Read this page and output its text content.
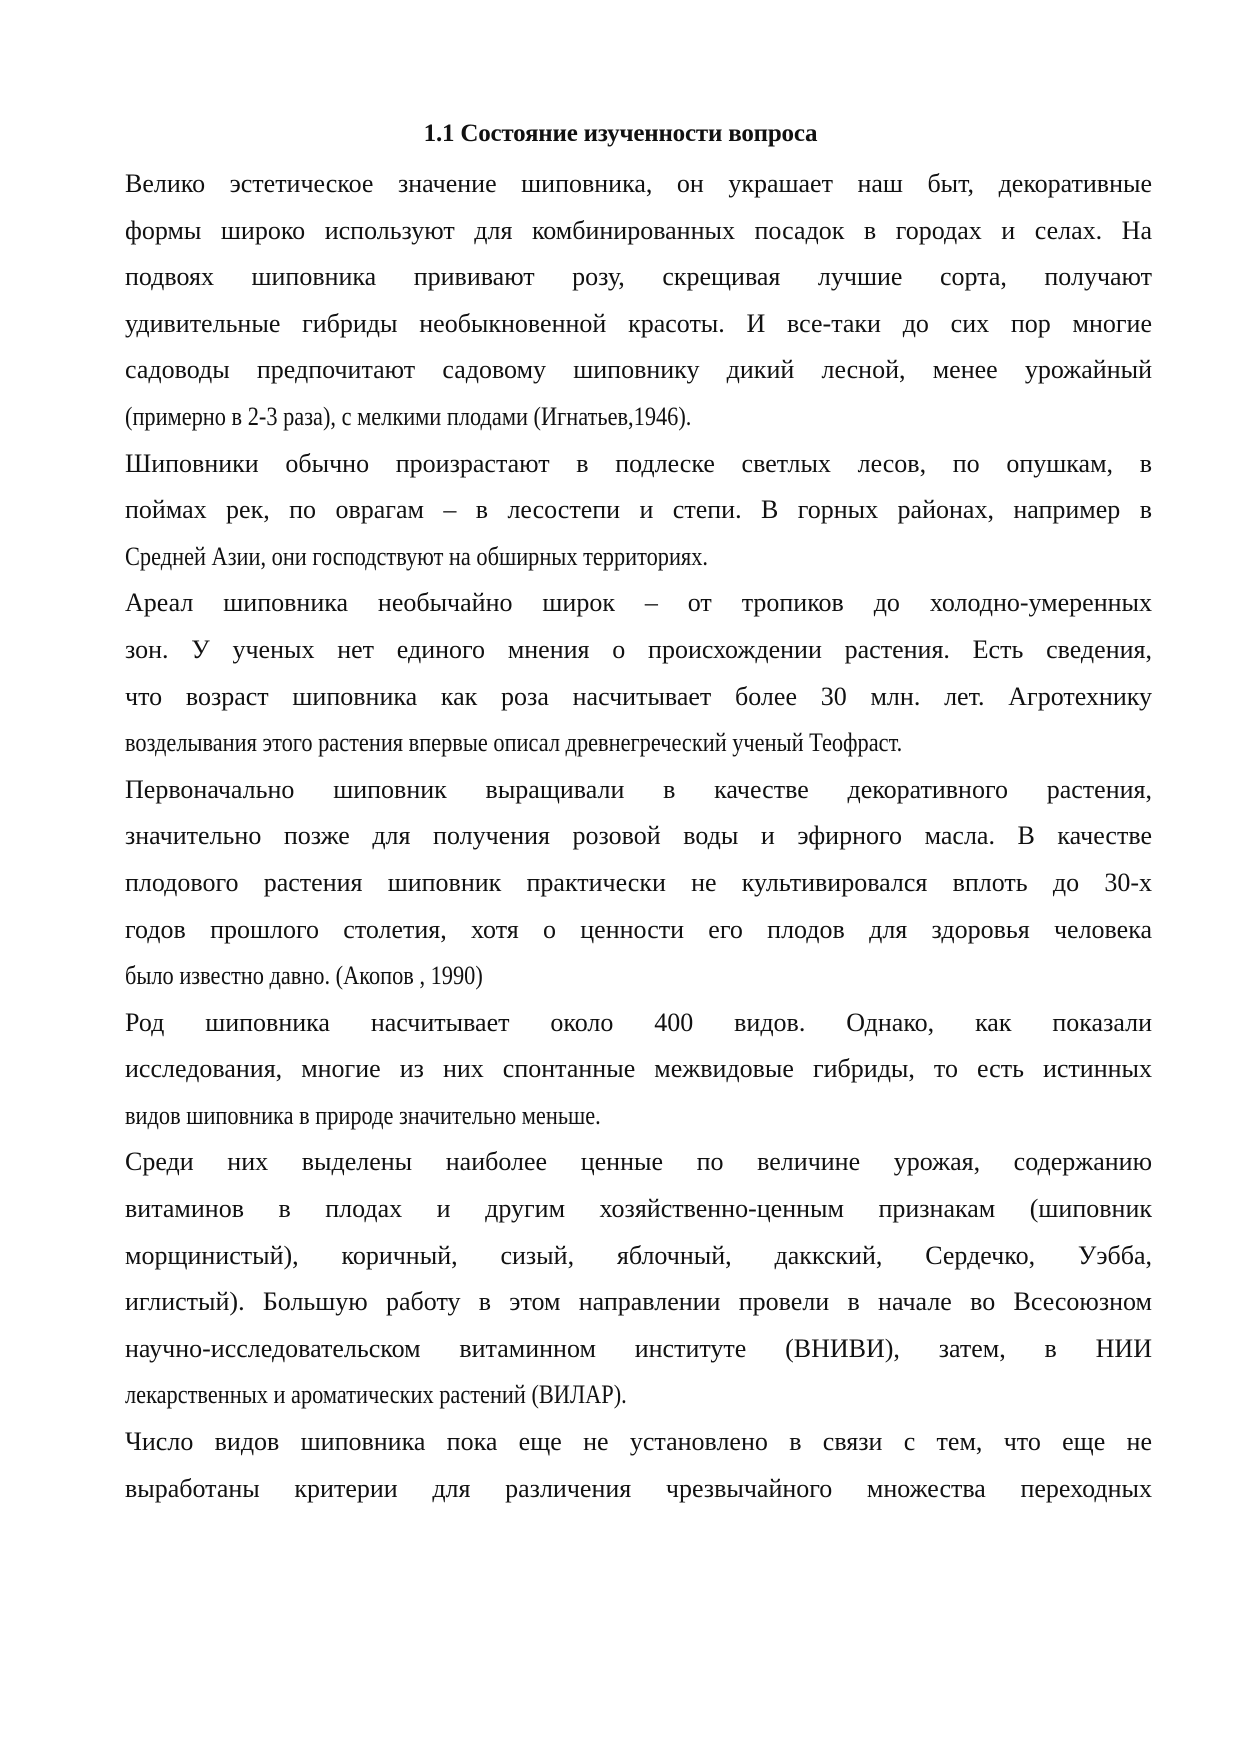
1.1 Состояние изученности вопроса
Велико эстетическое значение шиповника, он украшает наш быт, декоративные
формы широко используют для комбинированных посадок в городах и селах. На
подвоях шиповника прививают розу, скрещивая лучшие сорта, получают
удивительные гибриды необыкновенной красоты. И все-таки до сих пор многие
садоводы предпочитают садовому шиповнику дикий лесной, менее урожайный
(примерно в 2-3 раза), с мелкими плодами (Игнатьев,1946).
Шиповники обычно произрастают в подлеске светлых лесов, по опушкам, в
поймах рек, по оврагам – в лесостепи и степи. В горных районах, например в
Средней Азии, они господствуют на обширных территориях.
Ареал шиповника необычайно широк – от тропиков до холодно-умеренных
зон. У ученых нет единого мнения о происхождении растения. Есть сведения,
что возраст шиповника как роза насчитывает более 30 млн. лет. Агротехнику
возделывания этого растения впервые описал древнегреческий ученый Теофраст.
Первоначально шиповник выращивали в качестве декоративного растения,
значительно позже для получения розовой воды и эфирного масла. В качестве
плодового растения шиповник практически не культивировался вплоть до 30-х
годов прошлого столетия, хотя о ценности его плодов для здоровья человека
было известно давно. (Акопов , 1990)
Род шиповника насчитывает около 400 видов. Однако, как показали
исследования, многие из них спонтанные межвидовые гибриды, то есть истинных
видов шиповника в природе значительно меньше.
Среди них выделены наиболее ценные по величине урожая, содержанию
витаминов в плодах и другим хозяйственно-ценным признакам (шиповник
морщинистый), коричный, сизый, яблочный, даккский, Сердечко, Уэбба,
иглистый). Большую работу в этом направлении провели в начале во Всесоюзном
научно-исследовательском витаминном институте (ВНИВИ), затем, в НИИ
лекарственных и ароматических растений (ВИЛАР).
Число видов шиповника пока еще не установлено в связи с тем, что еще не
выработаны критерии для различения чрезвычайного множества переходных
